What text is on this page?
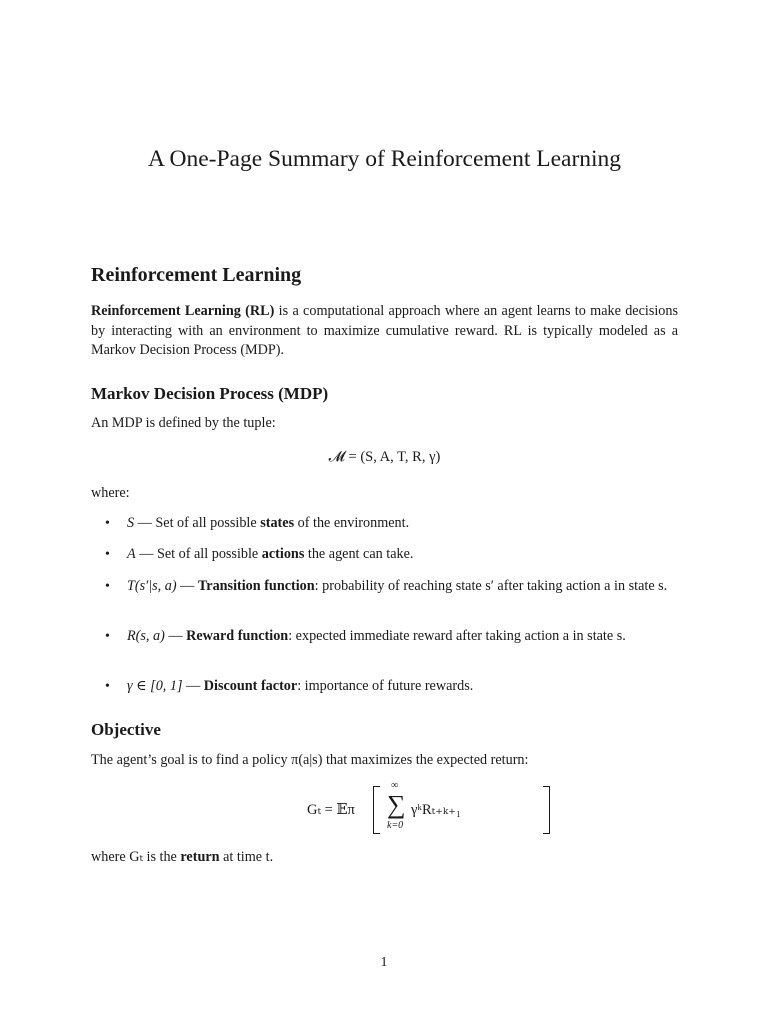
A One-Page Summary of Reinforcement Learning
Reinforcement Learning

Reinforcement Learning (RL) is a computational approach where an agent learns to make decisions by interacting with an environment to maximize cumulative reward. RL is typically modeled as a Markov Decision Process (MDP).

Markov Decision Process (MDP)

An MDP is defined by the tuple:

𝓜 = (S, A, T, R, γ)

where:

• S — Set of all possible states of the environment.
• A — Set of all possible actions the agent can take.
• T(s′|s, a) — Transition function: probability of reaching state s′ after taking action a in state s.
• R(s, a) — Reward function: expected immediate reward after taking action a in state s.
• γ ∈ [0, 1] — Discount factor: importance of future rewards.
Objective

The agent’s goal is to find a policy π(a|s) that maximizes the expected return:

Gₜ = 𝔼π
∞
∑
k=0
γᵏRₜ₊ₖ₊₁

where Gₜ is the return at time t.

1
